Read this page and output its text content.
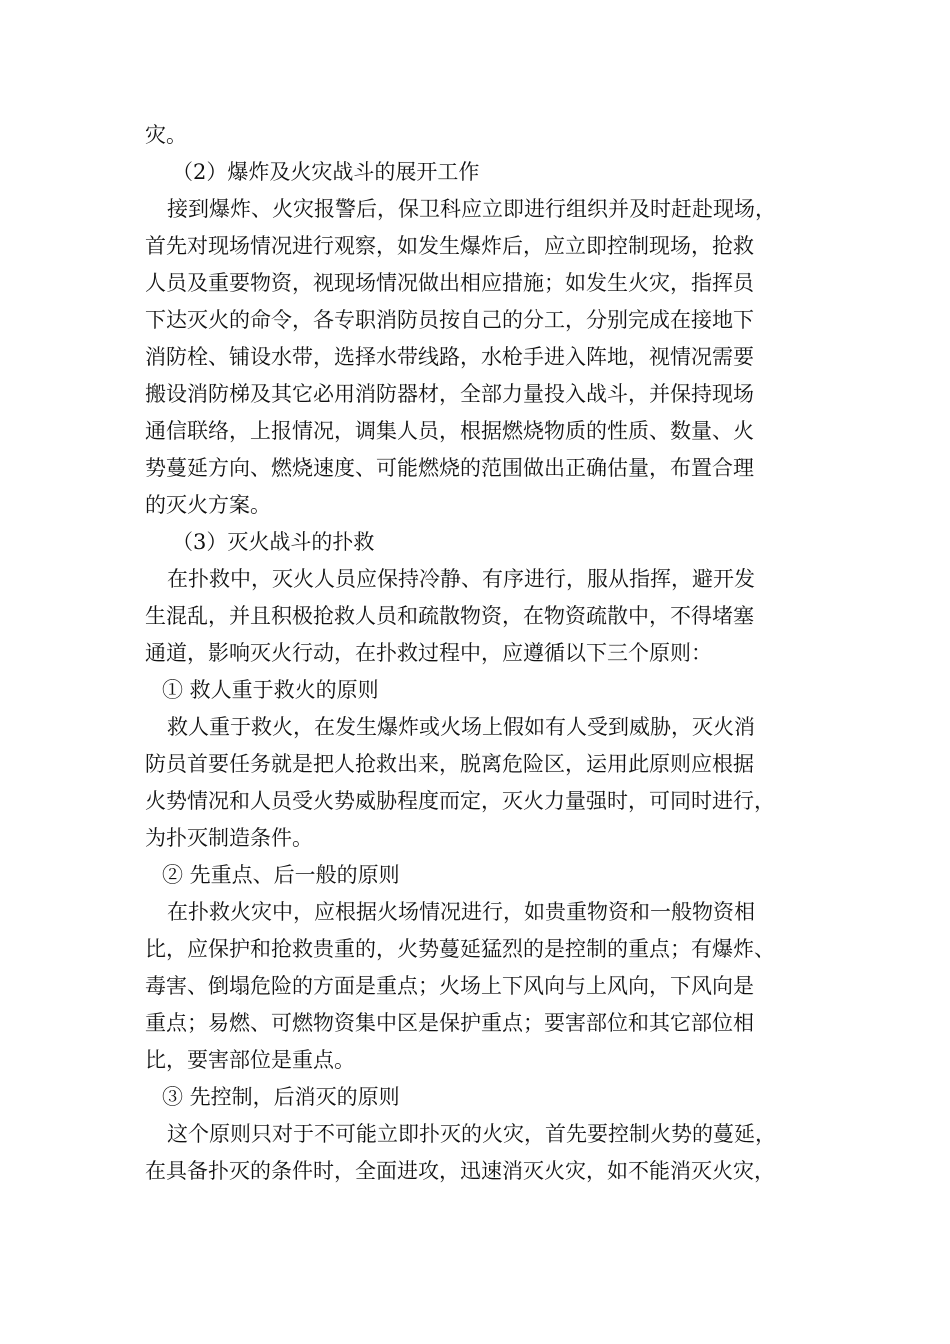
灾。
（2）爆炸及火灾战斗的展开工作
接到爆炸、火灾报警后，保卫科应立即进行组织并及时赶赴现场，
首先对现场情况进行观察，如发生爆炸后，应立即控制现场，抢救
人员及重要物资，视现场情况做出相应措施；如发生火灾，指挥员
下达灭火的命令，各专职消防员按自己的分工，分别完成在接地下
消防栓、铺设水带，选择水带线路，水枪手进入阵地，视情况需要
搬设消防梯及其它必用消防器材，全部力量投入战斗，并保持现场
通信联络，上报情况，调集人员，根据燃烧物质的性质、数量、火
势蔓延方向、燃烧速度、可能燃烧的范围做出正确估量，布置合理
的灭火方案。
（3）灭火战斗的扑救
在扑救中，灭火人员应保持冷静、有序进行，服从指挥，避开发
生混乱，并且积极抢救人员和疏散物资，在物资疏散中，不得堵塞
通道，影响灭火行动，在扑救过程中，应遵循以下三个原则：
① 救人重于救火的原则
救人重于救火，在发生爆炸或火场上假如有人受到威胁，灭火消
防员首要任务就是把人抢救出来，脱离危险区，运用此原则应根据
火势情况和人员受火势威胁程度而定，灭火力量强时，可同时进行，
为扑灭制造条件。
② 先重点、后一般的原则
在扑救火灾中，应根据火场情况进行，如贵重物资和一般物资相
比，应保护和抢救贵重的，火势蔓延猛烈的是控制的重点；有爆炸、
毒害、倒塌危险的方面是重点；火场上下风向与上风向，下风向是
重点；易燃、可燃物资集中区是保护重点；要害部位和其它部位相
比，要害部位是重点。
③ 先控制，后消灭的原则
这个原则只对于不可能立即扑灭的火灾，首先要控制火势的蔓延，
在具备扑灭的条件时，全面进攻，迅速消灭火灾，如不能消灭火灾，
